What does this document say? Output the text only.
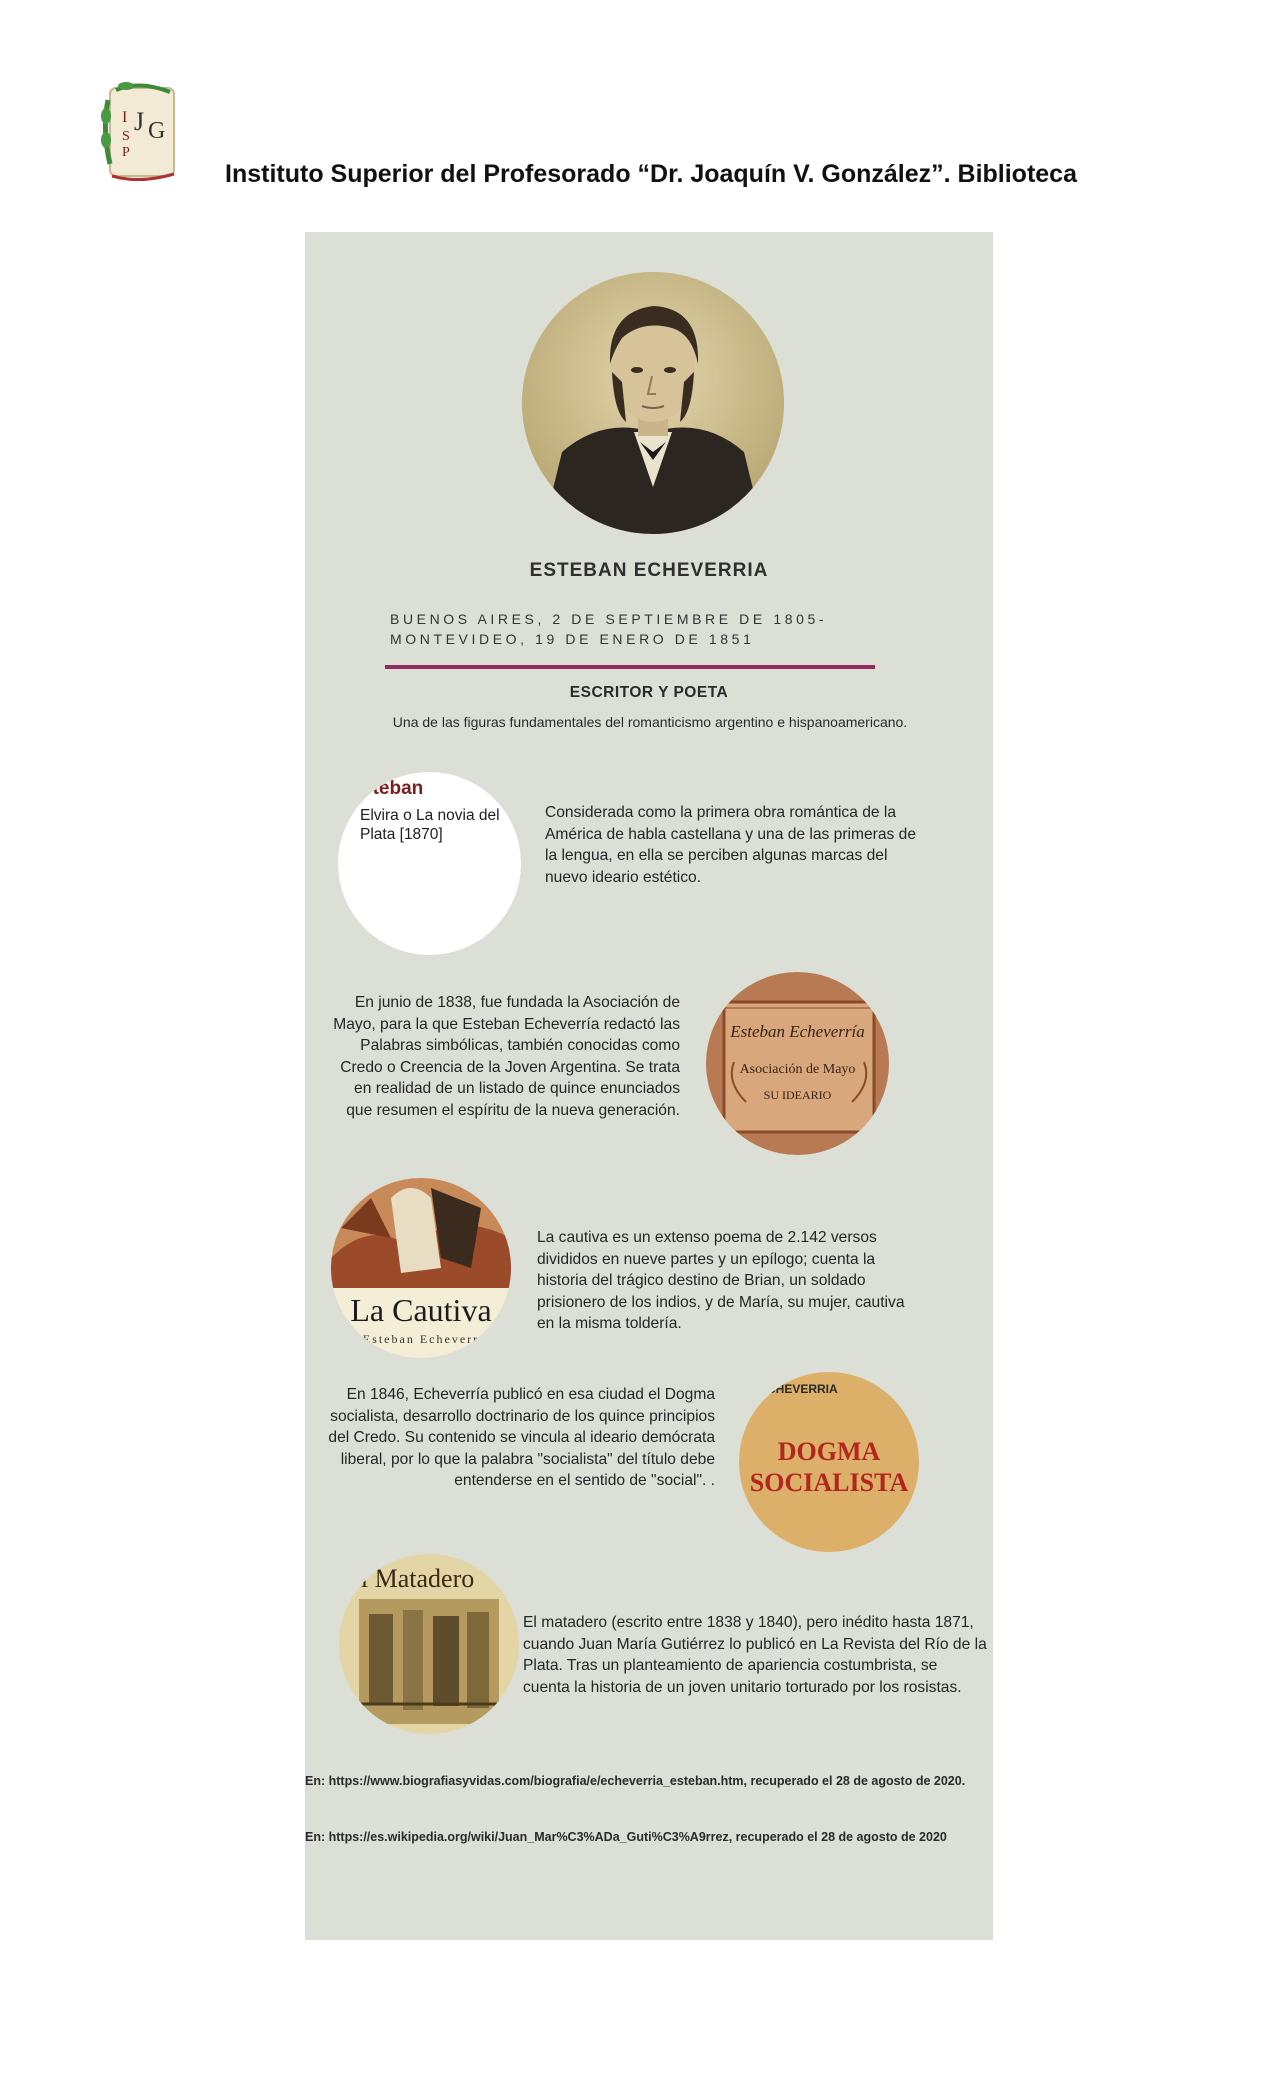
I J G
S
P
Instituto Superior del Profesorado “Dr. Joaquín V. González”. Biblioteca
ESTEBAN ECHEVERRIA
BUENOS AIRES, 2 DE SEPTIEMBRE DE 1805-
MONTEVIDEO, 19 DE ENERO DE 1851
ESCRITOR Y POETA
Una de las figuras fundamentales del romanticismo argentino e hispanoamericano.
steban
Elvira o La novia del Plata [1870]
Considerada como la primera obra romántica de la América de habla castellana y una de las primeras de la lengua, en ella se perciben algunas marcas del nuevo ideario estético.
En junio de 1838, fue fundada la Asociación de Mayo, para la que Esteban Echeverría redactó las Palabras simbólicas, también conocidas como Credo o Creencia de la Joven Argentina. Se trata en realidad de un listado de quince enunciados que resumen el espíritu de la nueva generación.
Esteban Echeverría
Asociación de Mayo
SU IDEARIO
La Cautiva
Esteban Echeverr
La cautiva es un extenso poema de 2.142 versos divididos en nueve partes y un epílogo; cuenta la historia del trágico destino de Brian, un soldado prisionero de los indios, y de María, su mujer, cautiva en la misma toldería.
En 1846, Echeverría publicó en esa ciudad el Dogma socialista, desarrollo doctrinario de los quince principios del Credo. Su contenido se vincula al ideario demócrata liberal, por lo que la palabra "socialista" del título debe entenderse en el sentido de "social". .
ECHEVERRIA
DOGMA
SOCIALISTA
El Matadero
El matadero (escrito entre 1838 y 1840), pero inédito hasta 1871, cuando Juan María Gutiérrez lo publicó en La Revista del Río de la Plata. Tras un planteamiento de apariencia costumbrista, se cuenta la historia de un joven unitario torturado por los rosistas.
En: https://www.biografiasyvidas.com/biografia/e/echeverria_esteban.htm, recuperado el 28 de agosto de 2020.
En: https://es.wikipedia.org/wiki/Juan_Mar%C3%ADa_Guti%C3%A9rrez, recuperado el 28 de agosto de 2020
